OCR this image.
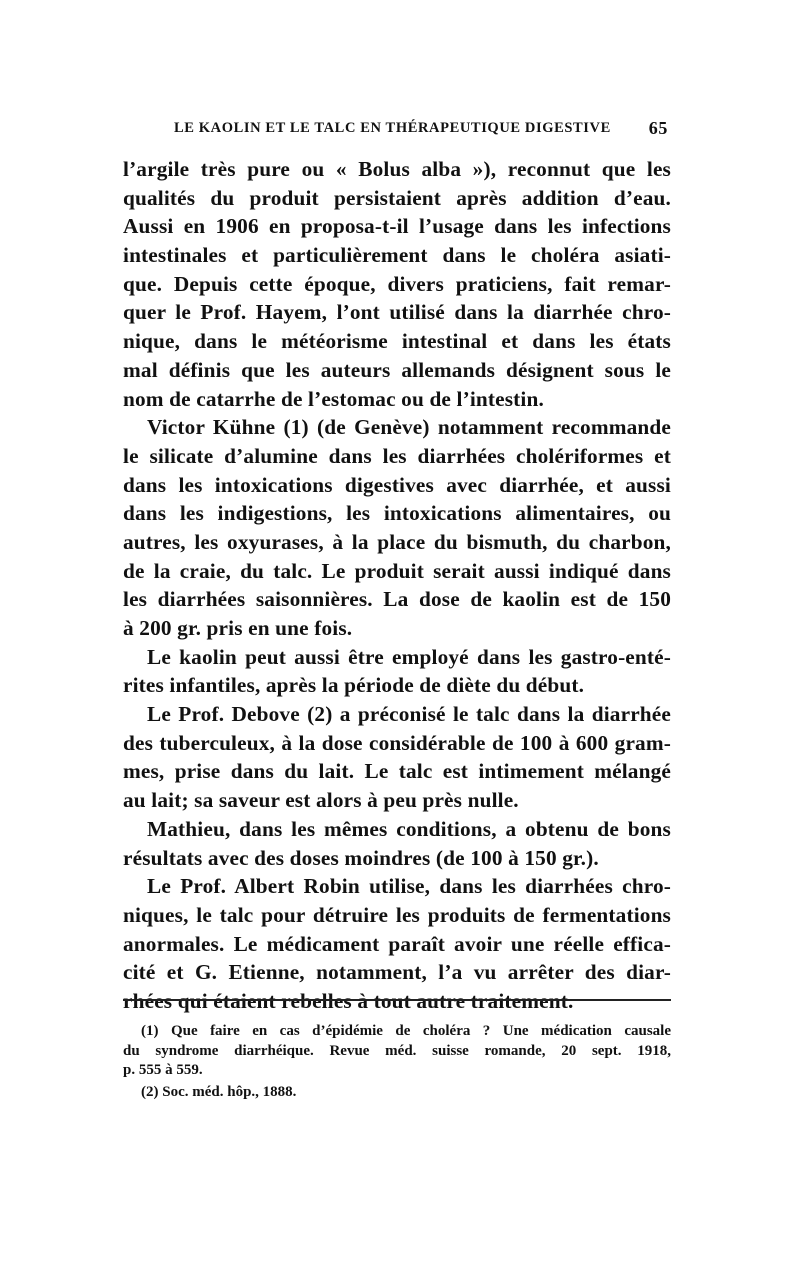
LE KAOLIN ET LE TALC EN THÉRAPEUTIQUE DIGESTIVE 65
l’argile très pure ou « Bolus alba »), reconnut que les
qualités du produit persistaient après addition d’eau.
Aussi en 1906 en proposa-t-il l’usage dans les infections
intestinales et particulièrement dans le choléra asiati-
que. Depuis cette époque, divers praticiens, fait remar-
quer le Prof. Hayem, l’ont utilisé dans la diarrhée chro-
nique, dans le météorisme intestinal et dans les états
mal définis que les auteurs allemands désignent sous le
nom de catarrhe de l’estomac ou de l’intestin.
Victor Kühne (1) (de Genève) notamment recommande
le silicate d’alumine dans les diarrhées cholériformes et
dans les intoxications digestives avec diarrhée, et aussi
dans les indigestions, les intoxications alimentaires, ou
autres, les oxyurases, à la place du bismuth, du charbon,
de la craie, du talc. Le produit serait aussi indiqué dans
les diarrhées saisonnières. La dose de kaolin est de 150
à 200 gr. pris en une fois.
Le kaolin peut aussi être employé dans les gastro-enté-
rites infantiles, après la période de diète du début.
Le Prof. Debove (2) a préconisé le talc dans la diarrhée
des tuberculeux, à la dose considérable de 100 à 600 gram-
mes, prise dans du lait. Le talc est intimement mélangé
au lait; sa saveur est alors à peu près nulle.
Mathieu, dans les mêmes conditions, a obtenu de bons
résultats avec des doses moindres (de 100 à 150 gr.).
Le Prof. Albert Robin utilise, dans les diarrhées chro-
niques, le talc pour détruire les produits de fermentations
anormales. Le médicament paraît avoir une réelle effica-
cité et G. Etienne, notamment, l’a vu arrêter des diar-
rhées qui étaient rebelles à tout autre traitement.
(1) Que faire en cas d’épidémie de choléra ? Une médication causale
du syndrome diarrhéique. Revue méd. suisse romande, 20 sept. 1918,
p. 555 à 559.
(2) Soc. méd. hôp., 1888.
